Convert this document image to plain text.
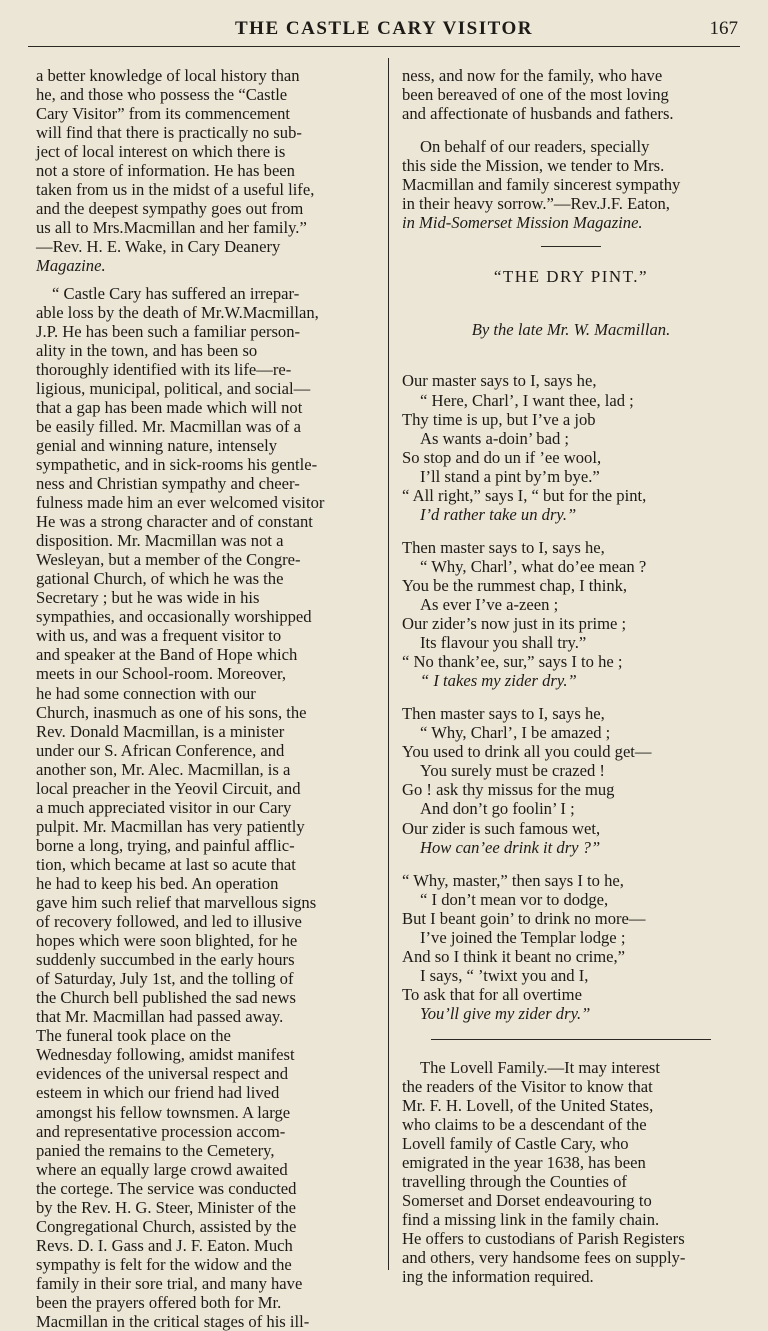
THE CASTLE CARY VISITOR	167
a better knowledge of local history than
he, and those who possess the “Castle
Cary Visitor” from its commencement
will find that there is practically no sub-
ject of local interest on which there is
not a store of information. He has been
taken from us in the midst of a useful life,
and the deepest sympathy goes out from
us all to Mrs.Macmillan and her family.”
—Rev. H. E. Wake, in Cary Deanery
Magazine.
“ Castle Cary has suffered an irrepar-
able loss by the death of Mr.W.Macmillan,
J.P. He has been such a familiar person-
ality in the town, and has been so
thoroughly identified with its life—re-
ligious, municipal, political, and social—
that a gap has been made which will not
be easily filled. Mr. Macmillan was of a
genial and winning nature, intensely
sympathetic, and in sick-rooms his gentle-
ness and Christian sympathy and cheer-
fulness made him an ever welcomed visitor
He was a strong character and of constant
disposition. Mr. Macmillan was not a
Wesleyan, but a member of the Congre-
gational Church, of which he was the
Secretary ; but he was wide in his
sympathies, and occasionally worshipped
with us, and was a frequent visitor to
and speaker at the Band of Hope which
meets in our School-room. Moreover,
he had some connection with our
Church, inasmuch as one of his sons, the
Rev. Donald Macmillan, is a minister
under our S. African Conference, and
another son, Mr. Alec. Macmillan, is a
local preacher in the Yeovil Circuit, and
a much appreciated visitor in our Cary
pulpit. Mr. Macmillan has very patiently
borne a long, trying, and painful afflic-
tion, which became at last so acute that
he had to keep his bed. An operation
gave him such relief that marvellous signs
of recovery followed, and led to illusive
hopes which were soon blighted, for he
suddenly succumbed in the early hours
of Saturday, July 1st, and the tolling of
the Church bell published the sad news
that Mr. Macmillan had passed away.
The funeral took place on the
Wednesday following, amidst manifest
evidences of the universal respect and
esteem in which our friend had lived
amongst his fellow townsmen. A large
and representative procession accom-
panied the remains to the Cemetery,
where an equally large crowd awaited
the cortege. The service was conducted
by the Rev. H. G. Steer, Minister of the
Congregational Church, assisted by the
Revs. D. I. Gass and J. F. Eaton. Much
sympathy is felt for the widow and the
family in their sore trial, and many have
been the prayers offered both for Mr.
Macmillan in the critical stages of his ill-
ness, and now for the family, who have
been bereaved of one of the most loving
and affectionate of husbands and fathers.
On behalf of our readers, specially
this side the Mission, we tender to Mrs.
Macmillan and family sincerest sympathy
in their heavy sorrow.”—Rev.J.F. Eaton,
in Mid-Somerset Mission Magazine.
“THE DRY PINT.”
By the late Mr. W. Macmillan.
Our master says to I, says he,
“ Here, Charl’, I want thee, lad ;
Thy time is up, but I’ve a job
As wants a-doin’ bad ;
So stop and do un if ’ee wool,
I’ll stand a pint by’m bye.”
“ All right,” says I, “ but for the pint,
I’d rather take un dry.”
Then master says to I, says he,
“ Why, Charl’, what do’ee mean ?
You be the rummest chap, I think,
As ever I’ve a-zeen ;
Our zider’s now just in its prime ;
Its flavour you shall try.”
“ No thank’ee, sur,” says I to he ;
“ I takes my zider dry.”
Then master says to I, says he,
“ Why, Charl’, I be amazed ;
You used to drink all you could get—
You surely must be crazed !
Go ! ask thy missus for the mug
And don’t go foolin’ I ;
Our zider is such famous wet,
How can’ee drink it dry ?”
“ Why, master,” then says I to he,
“ I don’t mean vor to dodge,
But I beant goin’ to drink no more—
I’ve joined the Templar lodge ;
And so I think it beant no crime,”
I says, “ ’twixt you and I,
To ask that for all overtime
You’ll give my zider dry.”
The Lovell Family.—It may interest
the readers of the Visitor to know that
Mr. F. H. Lovell, of the United States,
who claims to be a descendant of the
Lovell family of Castle Cary, who
emigrated in the year 1638, has been
travelling through the Counties of
Somerset and Dorset endeavouring to
find a missing link in the family chain.
He offers to custodians of Parish Registers
and others, very handsome fees on supply-
ing the information required.
